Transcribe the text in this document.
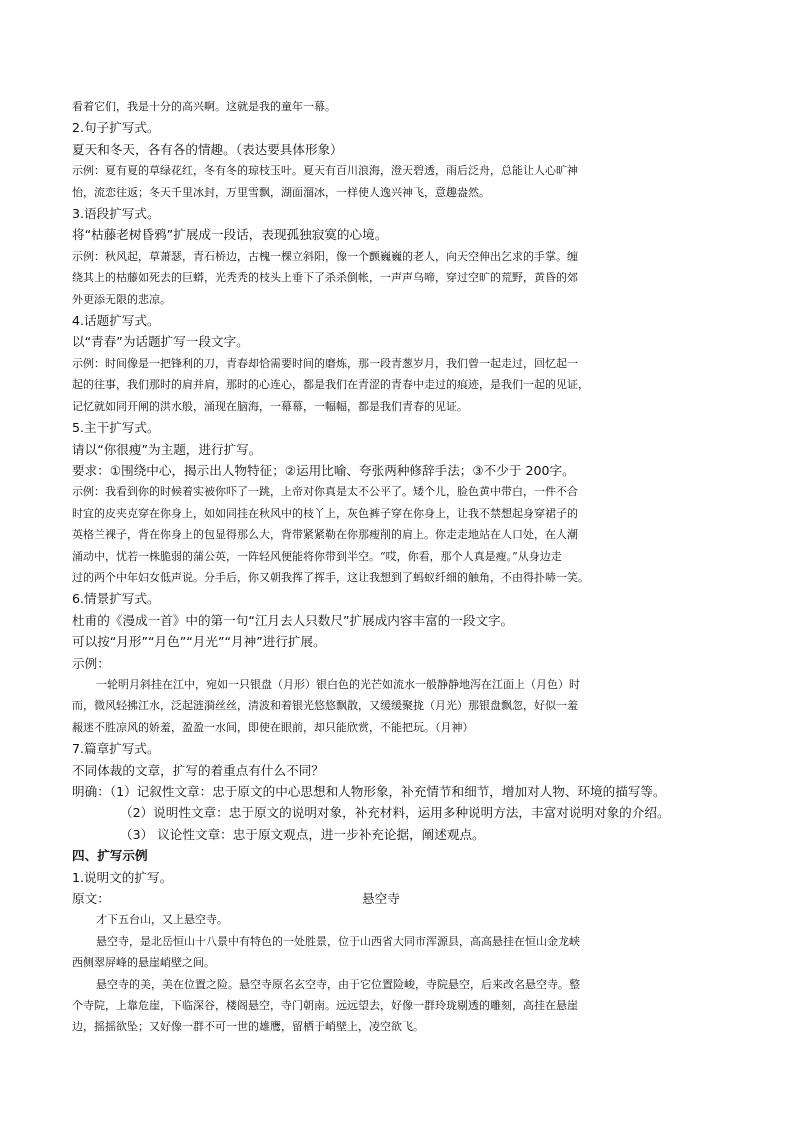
看着它们，我是十分的高兴啊。这就是我的童年一幕。
2.句子扩写式。
夏天和冬天，各有各的情趣。（表达要具体形象）
示例：夏有夏的草绿花红，冬有冬的琼枝玉叶。夏天有百川浪海，澄天碧透，雨后泛舟，总能让人心旷神
怡，流恋往返；冬天千里冰封，万里雪飘，湖面溜冰，一样使人逸兴神飞，意趣盎然。
3.语段扩写式。
将“枯藤老树昏鸦”扩展成一段话，表现孤独寂寞的心境。
示例：秋风起，草萧瑟，青石桥边，古槐一棵立斜阳，像一个颤巍巍的老人，向天空伸出乞求的手掌。缠
绕其上的枯藤如死去的巨蟒，光秃秃的枝头上垂下了杀杀倒帐，一声声乌啼，穿过空旷的荒野，黄昏的郊
外更添无限的悲凉。
4.话题扩写式。
以“青春”为话题扩写一段文字。
示例：时间像是一把锋利的刀，青春却恰需要时间的磨炼，那一段青葱岁月，我们曾一起走过，回忆起一
起的往事，我们那时的肩并肩，那时的心连心，都是我们在青涩的青春中走过的痕迹，是我们一起的见证，
记忆就如同开闸的洪水般，涌现在脑海，一幕幕，一幅幅，都是我们青春的见证。
5.主干扩写式。
请以“你很瘦”为主题，进行扩写。
要求：①围绕中心，揭示出人物特征；②运用比喻、夸张两种修辞手法；③不少于 200字。
示例：我看到你的时候着实被你吓了一跳，上帝对你真是太不公平了。矮个儿，脸色黄中带白，一件不合
时宜的皮夹克穿在你身上，如如同挂在秋风中的枝丫上，灰色裤子穿在你身上，让我不禁想起身穿裙子的
英格兰裸子，背在你身上的包显得那么大，背带紧紧勒在你那瘦削的肩上。你走走地站在人口处，在人潮
涌动中，忧若一株脆弱的蒲公英，一阵轻风便能将你带到半空。“哎，你看，那个人真是瘦。”从身边走
过的两个中年妇女低声说。分手后，你又朝我挥了挥手，这让我想到了蚂蚁纤细的触角，不由得扑哧一笑。
6.情景扩写式。
杜甫的《漫成一首》中的第一句“江月去人只数尺”扩展成内容丰富的一段文字。
可以按“月形”“月色”“月光”“月神”进行扩展。
示例：
一轮明月斜挂在江中，宛如一只银盘（月形）银白色的光芒如流水一般静静地泻在江面上（月色）时
而，微风轻拂江水，泛起涟漪丝丝，清波和着银光悠悠飘散，又缓缓聚拢（月光）那银盘飘忽，好似一羞
赧迷不胜凉风的娇羞，盈盈一水间，即使在眼前，却只能欣赏，不能把玩。（月神）
7.篇章扩写式。
不同体裁的文章，扩写的着重点有什么不同？
明确：（1）记叙性文章：忠于原文的中心思想和人物形象，补充情节和细节，增加对人物、环境的描写等。
（2）说明性文章：忠于原文的说明对象，补充材料，运用多种说明方法，丰富对说明对象的介绍。
（3） 议论性文章：忠于原文观点，进一步补充论据，阐述观点。
四、扩写示例
1.说明文的扩写。
原文：	悬空寺
才下五台山，又上悬空寺。
悬空寺，是北岳恒山十八景中有特色的一处胜景，位于山西省大同市浑源县，高高悬挂在恒山金龙峡
西侧翠屏峰的悬崖峭壁之间。
悬空寺的美，美在位置之险。悬空寺原名玄空寺，由于它位置险峻，寺院悬空，后来改名悬空寺。整
个寺院，上靠危崖，下临深谷，楼阁悬空，寺门朝南。远远望去，好像一群玲珑剔透的雕刻，高挂在悬崖
边，摇摇欲坠；又好像一群不可一世的雄鹰，留栖于峭壁上，凌空欲飞。
